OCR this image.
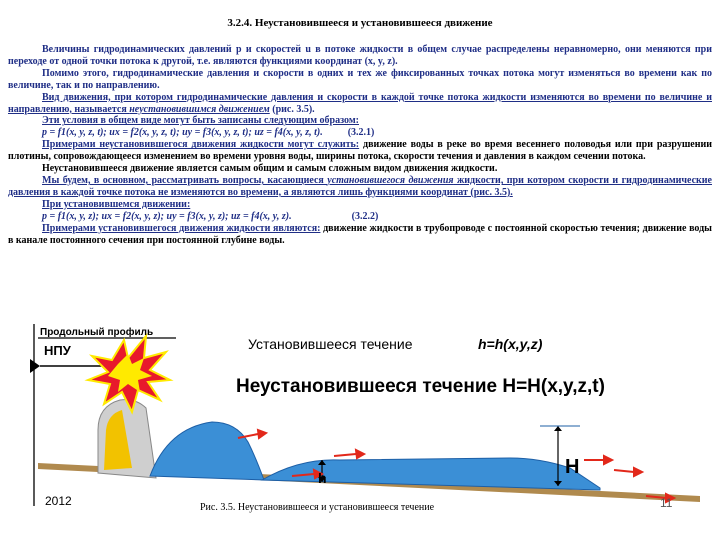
3.2.4. Неустановившееся и установившееся движение

Величины гидродинамических давлений p и скоростей u в потоке жидкости в общем случае распределены неравномерно, они меняются при переходе от одной точки потока к другой, т.е. являются функциями координат (x, y, z).

Помимо этого, гидродинамические давления и скорости в одних и тех же фиксированных точках потока могут изменяться во времени как по величине, так и по направлению.

Вид движения, при котором гидродинамические давления и скорости в каждой точке потока жидкости изменяются во времени по величине и направлению, называется неустановившимся движением (рис. 3.5).

Эти условия в общем виде могут быть записаны следующим образом:

p = f1(x, y, z, t); ux = f2(x, y, z, t); uy = f3(x, y, z, t); uz = f4(x, y, z, t).	(3.2.1)

Примерами неустановившегося движения жидкости могут служить: движение воды в реке во время весеннего половодья или при разрушении плотины, сопровождающееся изменением во времени уровня воды, ширины потока, скорости течения и давления в каждом сечении потока.

Неустановившееся движение является самым общим и самым сложным видом движения жидкости.

Мы будем, в основном, рассматривать вопросы, касающиеся установившегося движения жидкости, при котором скорости и гидродинамические давления в каждой точке потока не изменяются во времени, а являются лишь функциями координат (рис. 3.5).

При установившемся движении:

p = f1(x, y, z); ux = f2(x, y, z); uy = f3(x, y, z); uz = f4(x, y, z).	(3.2.2)

Примерами установившегося движения жидкости являются: движение жидкости в трубопроводе с постоянной скоростью течения; движение воды в канале постоянного сечения при постоянной глубине воды.

Продольный профиль
НПУ	Установившееся течение	h=h(x,y,z)
Неустановившееся течение H=H(x,y,z,t)
h	H
2012	Рис. 3.5. Неустановившееся и установившееся течение	11
